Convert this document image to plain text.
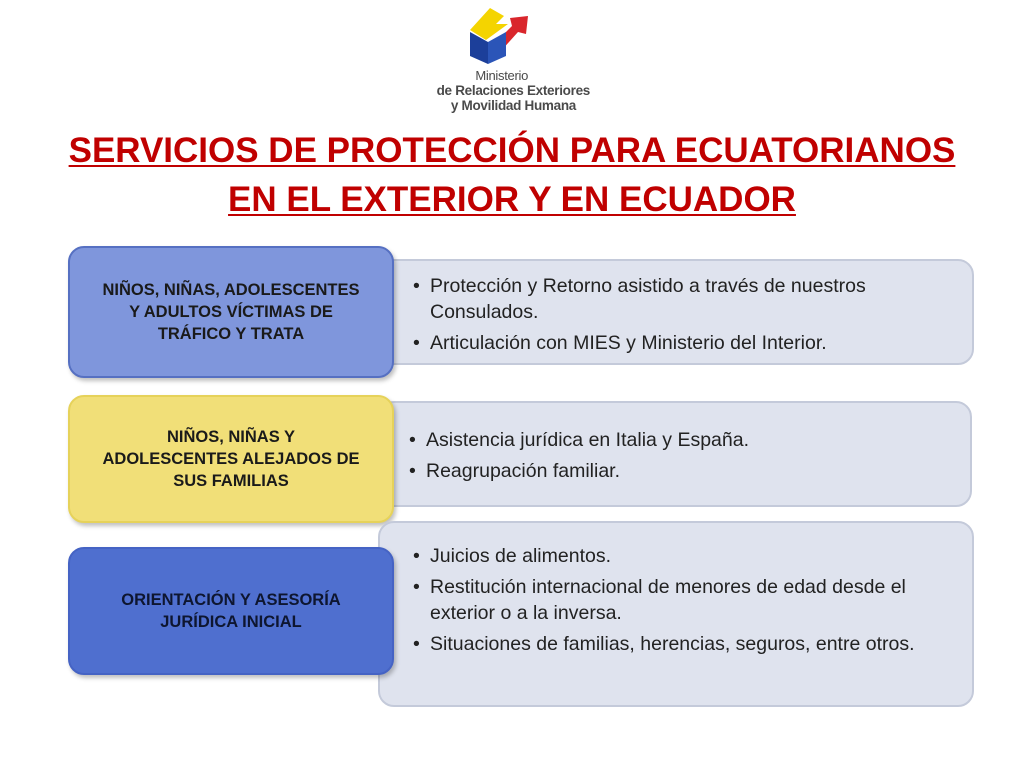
Ministerio
de Relaciones Exteriores
y Movilidad Humana
SERVICIOS DE PROTECCIÓN PARA ECUATORIANOS
EN EL EXTERIOR Y EN ECUADOR
• Protección y Retorno asistido a través de nuestros Consulados.
• Articulación con MIES y Ministerio del Interior.
NIÑOS, NIÑAS, ADOLESCENTES
Y ADULTOS VÍCTIMAS DE
TRÁFICO Y TRATA
• Asistencia jurídica en Italia y España.
• Reagrupación familiar.
NIÑOS, NIÑAS Y
ADOLESCENTES ALEJADOS DE
SUS FAMILIAS
• Juicios de alimentos.
• Restitución internacional de menores de edad desde el exterior o a la inversa.
• Situaciones de familias, herencias, seguros, entre otros.
ORIENTACIÓN Y ASESORÍA
JURÍDICA INICIAL
